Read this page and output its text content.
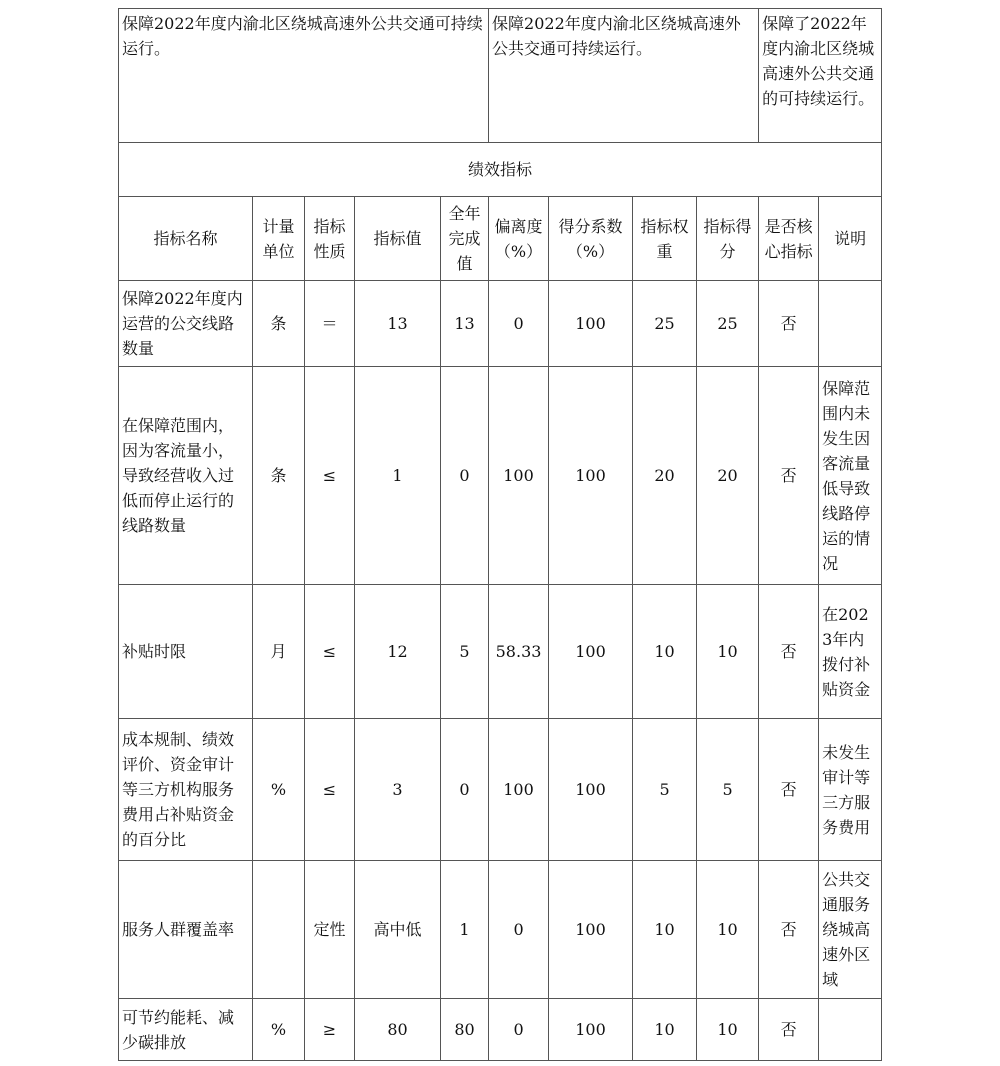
保障2022年度内渝北区绕城高速外公共交通可持续运行。					保障2022年度内渝北区绕城高速外公共交通可持续运行。				保障了2022年度内渝北区绕城高速外公共交通的可持续运行。	
绩效指标										
指标名称	计量单位	指标性质	指标值	全年完成值	偏离度（%）	得分系数（%）	指标权重	指标得分	是否核心指标	说明
保障2022年度内运营的公交线路数量	条	＝	13	13	0	100	25	25	否	
在保障范围内，因为客流量小，导致经营收入过低而停止运行的线路数量	条	≤	1	0	100	100	20	20	否	保障范围内未发生因客流量低导致线路停运的情况
补贴时限	月	≤	12	5	58.33	100	10	10	否	在2023年内拨付补贴资金
成本规制、绩效评价、资金审计等三方机构服务费用占补贴资金的百分比	%	≤	3	0	100	100	5	5	否	未发生审计等三方服务费用
服务人群覆盖率		定性	高中低	1	0	100	10	10	否	公共交通服务绕城高速外区域
可节约能耗、减少碳排放	%	≥	80	80	0	100	10	10	否	
